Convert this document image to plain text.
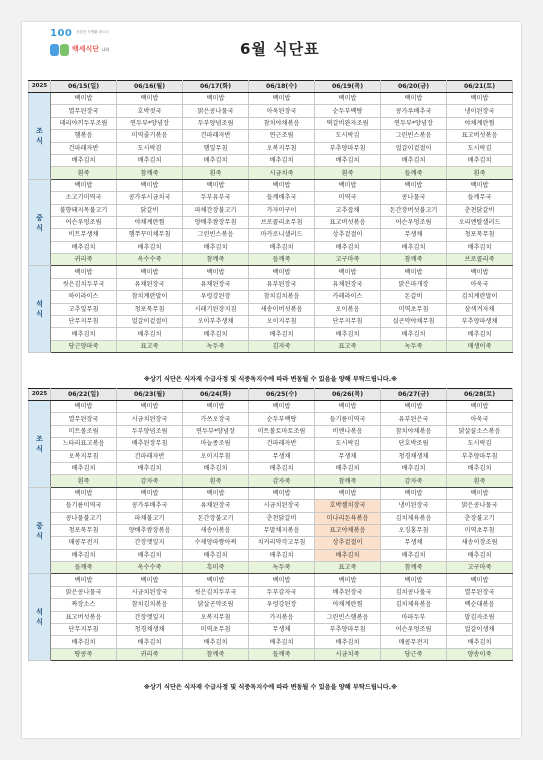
100 건강한 식생활 파트너
백세식단 나라	6월 식단표
2025	06/15(일)	06/16(월)	06/17(화)	06/18(수)	06/19(목)	06/20(금)	06/21(토)

조
식	백미밥	백미밥	백미밥	백미밥	백미밥	백미밥	백미밥
	열무된장국	호박젓국	맑은콩나물국	아욱된장국	순두부백탕	콩가루배추국	냉이된장국
	데리야끼두부조림	연두부*양념장	두부양념조림	참치야채볶음	떡갈비완자조림	연두부*양념장	야채계란찜
	햄볶음	미역줄기볶음	건파래자반	연근조림	도시락김	그린빈스볶음	표고버섯볶음
	건파래자반	도시락김	햄잎무침	오복지무침	부추양파무침	얼갈이겉절이	도시락김
	배추김치	배추김치	배추김치	배추김치	배추김치	배추김치	배추김치
	흰죽	참깨죽	흰죽	시금치죽	흰죽	들깨죽	흰죽

중
식	백미밥	백미밥	백미밥	백미밥	백미밥	백미밥	백미밥
	소고기미역국	콩가루시금치국	두부유부국	들깨배추국	미역국	콩나물국	들깨무국
	불향돼지목불고기	닭갈비	파채간장불고기	가자미구이	고추잡채	돈간장버섯불고기	춘천닭갈비
	어슨우엉조림	야채계란찜	양배추쌈장무침	브로콜리초무침	표고버섯볶음	어슨우엉조림	오리엔탈샐러드
	비트무생채	햄쭈꾸미채무침	그린빈스볶음	마카로니샐러드	상추겉절이	무생채	청포묵무침
	배추김치	배추김치	배추김치	배추김치	배추김치	배추김치	배추김치
	귀리죽	옥수수죽	참깨죽	들깨죽	고구마죽	참깨죽	브로콜리죽

석
식	백미밥	백미밥	백미밥	백미밥	백미밥	백미밥	백미밥
	씻은김치두부국	유채된장국	유채된장국	유부된장국	유채된장국	맑은파개장	아욱국
	하이라이스	참치계란말이	우렁강된장	참치김치볶음	카레라이스	돈갈비	김치계란말이
	고추잎무침	청포묵무침	시래기된장지짐	새송이버섯볶음	오이볶음	미역초무침	삼색겨자채
	단무지무침	얼갈이겉절이	오이부추생채	오이지무침	단무지무침	실곤약야채무침	부추양파생채
	배추김치	배추김치	배추김치	배추김치	배추김치	배추김치	배추김치
	당근양파죽	표고죽	녹두죽	김자죽	표고죽	녹두죽	매생이죽
※상기 식단은 식자재 수급사정 및 식중독지수에 따라 변동될 수 있음을 양해 부탁드립니다.※
2025	06/22(일)	06/23(월)	06/24(화)	06/25(수)	06/26(목)	06/27(금)	06/28(토)

조
식	백미밥	백미밥	백미밥	백미밥	백미밥	백미밥	백미밥
	열무된장국	시금치된장국	가쓰오장국	순두부백탕	들기름미역국	유부된은국	아욱국
	미트볼조림	두부양념조림	연두부*양념장	미트볼토마토조림	비엔나볶음	참치야채볶음	닭살꿀소스볶음
	느타리표고볶음	배추된장무침	마늘종조림	건파래자반	도시락김	단호박조림	도시락김
	오복지무침	건파래자반	오이지무침	무생채	무생채	청경채생채	부추양파무침
	배추김치	배추김치	배추김치	배추김치	배추김치	배추김치	배추김치
	흰죽	감자죽	흰죽	감자죽	참깨죽	감자죽	흰죽

중
식	백미밥	백미밥	백미밥	백미밥	백미밥	백미밥	백미밥
	들기름미역국	콩가루배추국	유채된장국	시금치된장국	호박젤치장국	냉이된장국	맑은콩나물국
	콩나물불고기	파채불고기	돈간장불고기	춘천닭갈비	미나리돈육볶음	김치제육볶음	춘장불고기
	청포묵무침	양배추쌈장볶음	새송이볶음	무말채지볶음	표고야채볶음	오징홍무침	미역초무침
	매콤무전지	간장깻잎지	수제양파짱아찌	치커리약각고무침	상추겉절이	무생채	새송이장조림
	배추김치	배추김치	배추김치	배추김치	배추김치	배추김치	배추김치
	들깨죽	옥수수죽	흑미죽	녹두죽	표고죽	참깨죽	고구마죽

석
식	백미밥	백미밥	백미밥	백미밥	백미밥	백미밥	백미밥
	맑은콩나물국	시금치된장국	씻은김치두부국	두부감자국	배추된장국	김치콩나물국	열무된장국
	짜장소스	참치김치볶음	닭살곤약조림	우렁강된장	야채계란찜	김치제육볶음	백순대볶음
	표고버섯볶음	간장깻잎지	오복지무침	가지볶음	그린빈스햄볶음	마파두부	말김자조림
	단무지무침	청경채생채	미역초무침	무생채	부추양파무침	어슨우엉조림	얼갈이생채
	배추김치	배추김치	배추김치	배추김치	배추김치	매콤무전지	배추김치
	땅콩죽	귀리죽	참깨죽	들깨죽	시금치죽	당근죽	양송이죽
※상기 식단은 식자재 수급사정 및 식중독지수에 따라 변동될 수 있음을 양해 부탁드립니다.※
